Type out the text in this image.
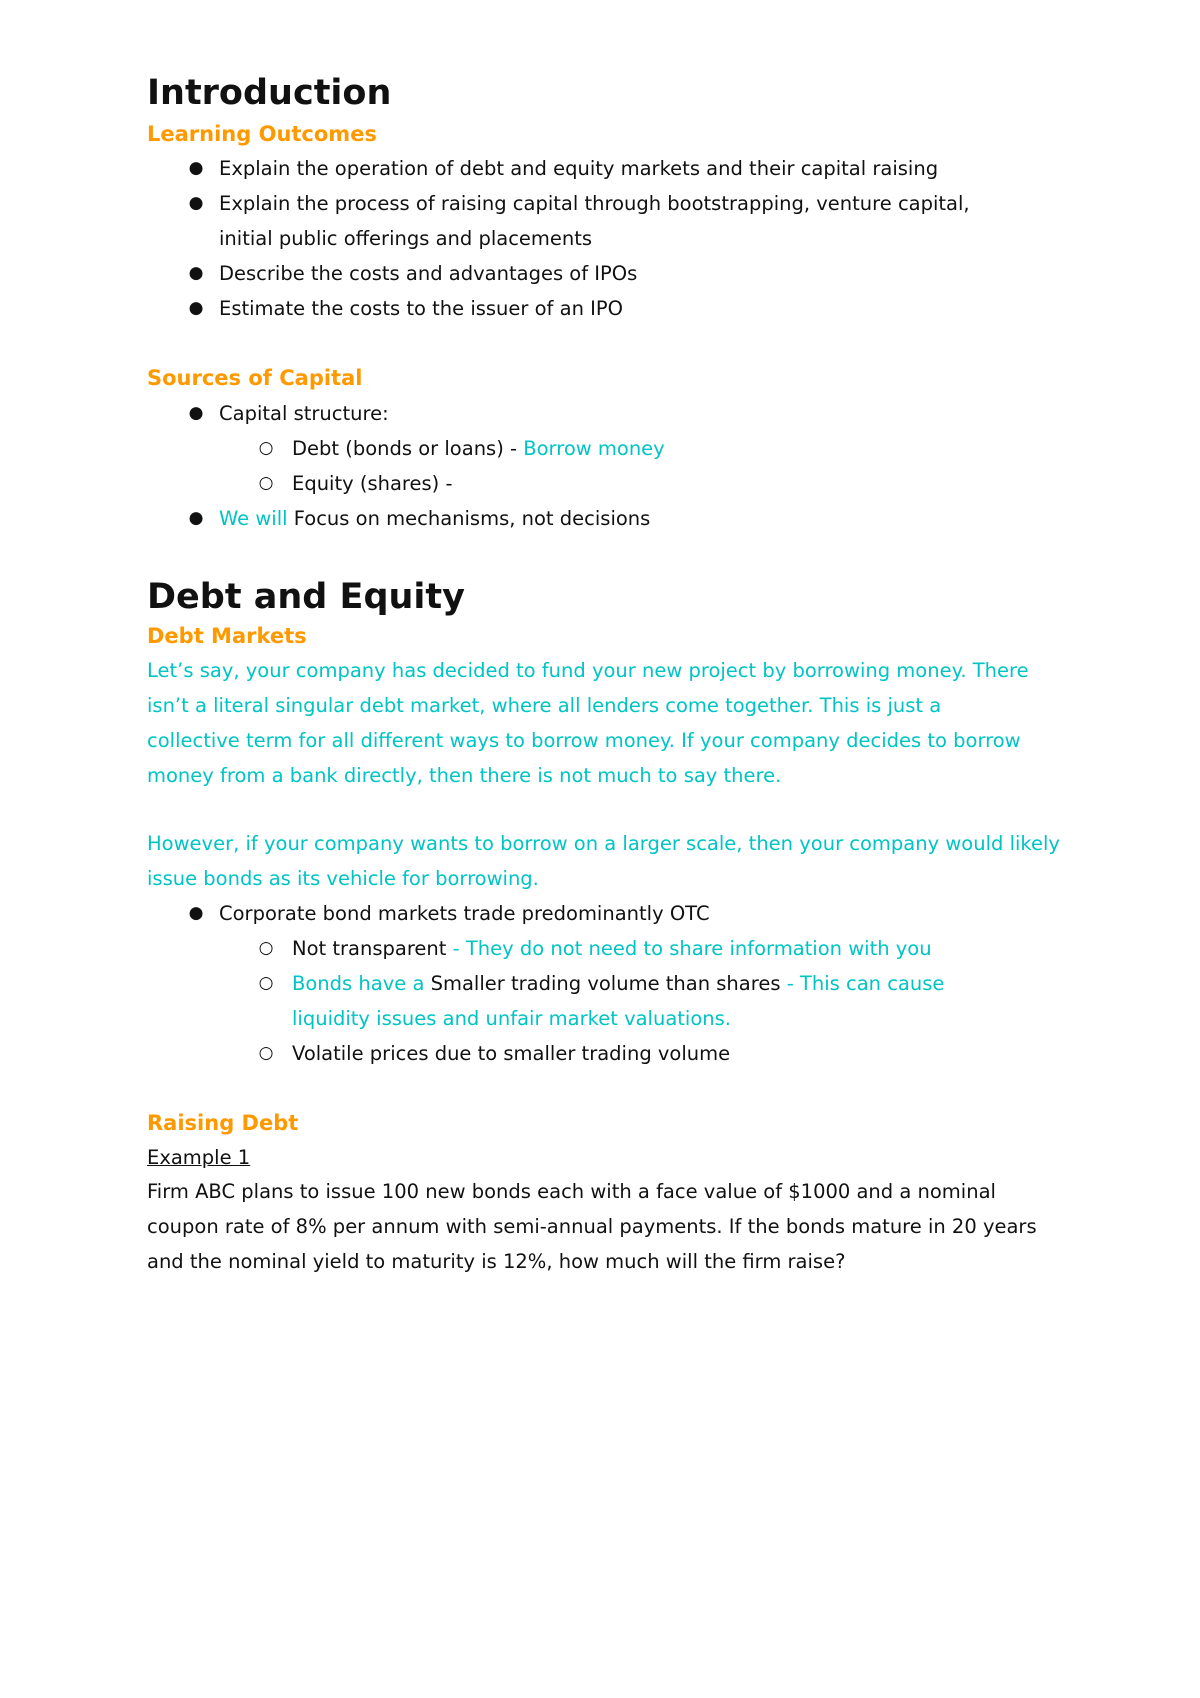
Introduction
Learning Outcomes
● Explain the operation of debt and equity markets and their capital raising
● Explain the process of raising capital through bootstrapping, venture capital, initial public offerings and placements
● Describe the costs and advantages of IPOs
● Estimate the costs to the issuer of an IPO
Sources of Capital
● Capital structure:
○ Debt (bonds or loans) - Borrow money
○ Equity (shares) -
● We will Focus on mechanisms, not decisions
Debt and Equity
Debt Markets

Let’s say, your company has decided to fund your new project by borrowing money. There isn’t a literal singular debt market, where all lenders come together. This is just a collective term for all different ways to borrow money. If your company decides to borrow money from a bank directly, then there is not much to say there.

However, if your company wants to borrow on a larger scale, then your company would likely issue bonds as its vehicle for borrowing.

● Corporate bond markets trade predominantly OTC
○ Not transparent - They do not need to share information with you
○ Bonds have a Smaller trading volume than shares - This can cause liquidity issues and unfair market valuations.
○ Volatile prices due to smaller trading volume
Raising Debt

Example 1

Firm ABC plans to issue 100 new bonds each with a face value of $1000 and a nominal coupon rate of 8% per annum with semi-annual payments. If the bonds mature in 20 years and the nominal yield to maturity is 12%, how much will the firm raise?
